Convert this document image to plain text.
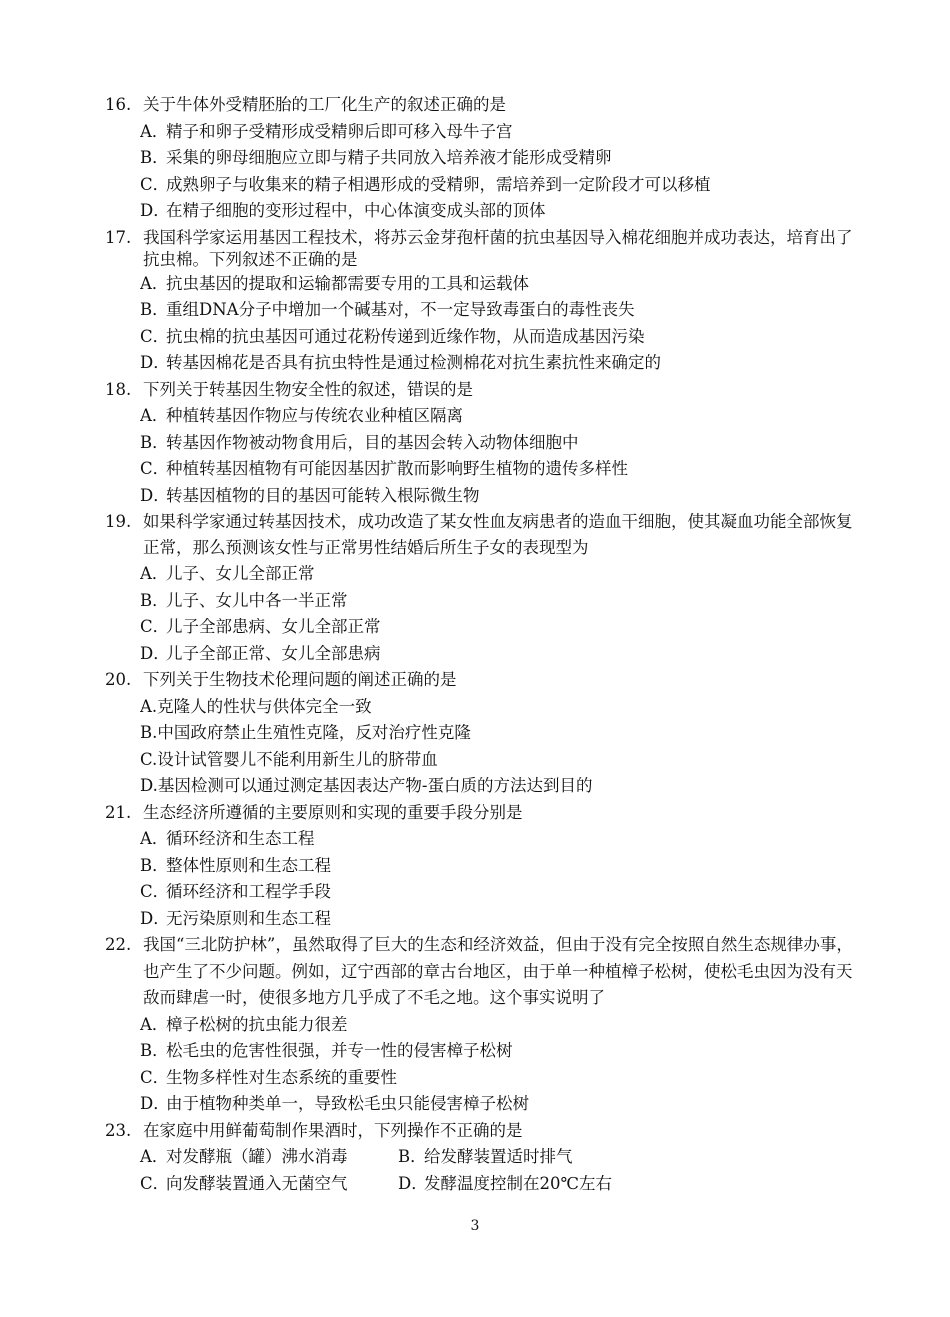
16. 关于牛体外受精胚胎的工厂化生产的叙述正确的是
A．精子和卵子受精形成受精卵后即可移入母牛子宫
B．采集的卵母细胞应立即与精子共同放入培养液才能形成受精卵
C．成熟卵子与收集来的精子相遇形成的受精卵，需培养到一定阶段才可以移植
D．在精子细胞的变形过程中，中心体演变成头部的顶体
17. 我国科学家运用基因工程技术，将苏云金芽孢杆菌的抗虫基因导入棉花细胞并成功表达，培育出了抗虫棉。下列叙述不正确的是
A．抗虫基因的提取和运输都需要专用的工具和运载体
B．重组DNA分子中增加一个碱基对，不一定导致毒蛋白的毒性丧失
C．抗虫棉的抗虫基因可通过花粉传递到近缘作物，从而造成基因污染
D．转基因棉花是否具有抗虫特性是通过检测棉花对抗生素抗性来确定的
18. 下列关于转基因生物安全性的叙述，错误的是
A．种植转基因作物应与传统农业种植区隔离
B．转基因作物被动物食用后，目的基因会转入动物体细胞中
C．种植转基因植物有可能因基因扩散而影响野生植物的遗传多样性
D．转基因植物的目的基因可能转入根际微生物
19. 如果科学家通过转基因技术，成功改造了某女性血友病患者的造血干细胞，使其凝血功能全部恢复正常，那么预测该女性与正常男性结婚后所生子女的表现型为
A．儿子、女儿全部正常
B．儿子、女儿中各一半正常
C．儿子全部患病、女儿全部正常
D．儿子全部正常、女儿全部患病
20. 下列关于生物技术伦理问题的阐述正确的是
A.克隆人的性状与供体完全一致
B.中国政府禁止生殖性克隆，反对治疗性克隆
C.设计试管婴儿不能利用新生儿的脐带血
D.基因检测可以通过测定基因表达产物-蛋白质的方法达到目的
21. 生态经济所遵循的主要原则和实现的重要手段分别是
A．循环经济和生态工程
B．整体性原则和生态工程
C．循环经济和工程学手段
D．无污染原则和生态工程
22. 我国“三北防护林”，虽然取得了巨大的生态和经济效益，但由于没有完全按照自然生态规律办事，也产生了不少问题。例如，辽宁西部的章古台地区，由于单一种植樟子松树，使松毛虫因为没有天敌而肆虐一时，使很多地方几乎成了不毛之地。这个事实说明了
A．樟子松树的抗虫能力很差
B．松毛虫的危害性很强，并专一性的侵害樟子松树
C．生物多样性对生态系统的重要性
D．由于植物种类单一，导致松毛虫只能侵害樟子松树
23. 在家庭中用鲜葡萄制作果酒时，下列操作不正确的是
A．对发酵瓶（罐）沸水消毒	B．给发酵装置适时排气
C．向发酵装置通入无菌空气	D．发酵温度控制在20℃左右
3
